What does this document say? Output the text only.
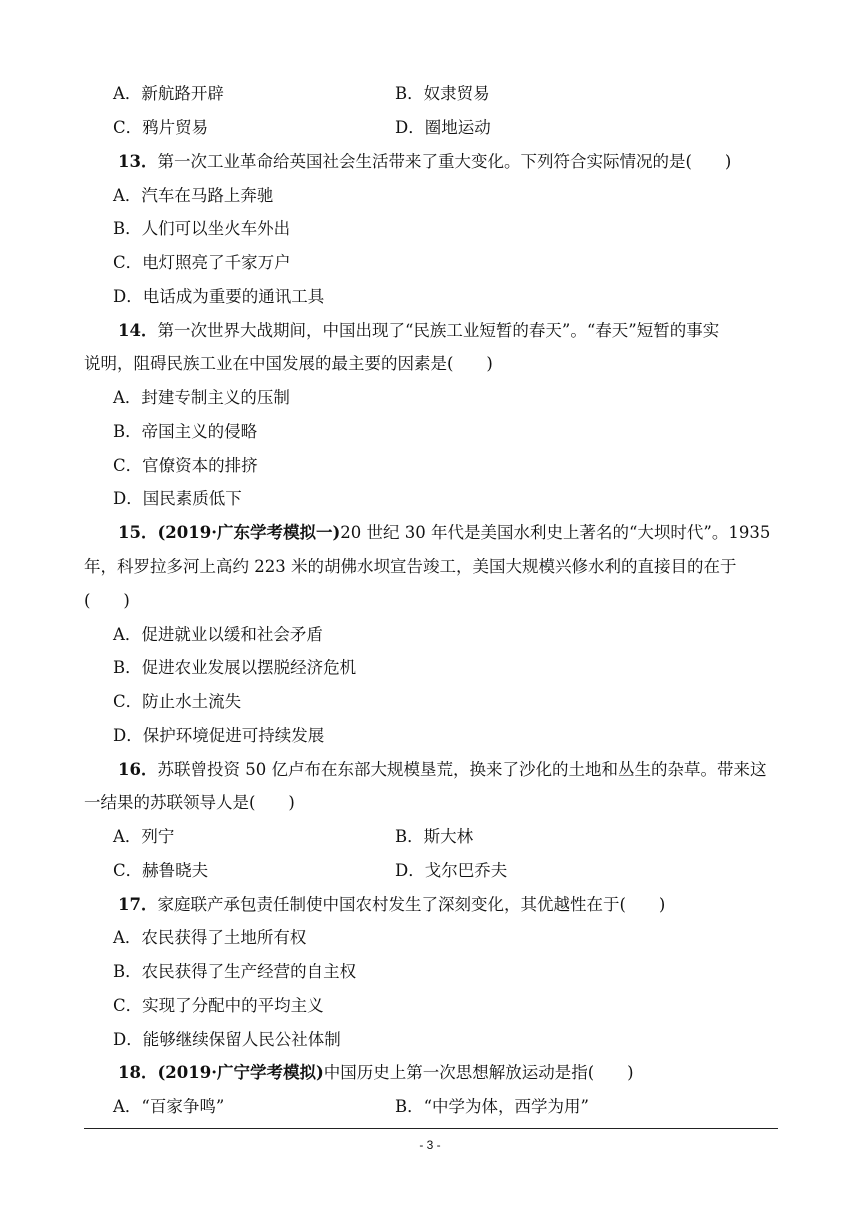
A．新航路开辟	B．奴隶贸易
C．鸦片贸易	D．圈地运动
13．第一次工业革命给英国社会生活带来了重大变化。下列符合实际情况的是(　　)
A．汽车在马路上奔驰
B．人们可以坐火车外出
C．电灯照亮了千家万户
D．电话成为重要的通讯工具
14．第一次世界大战期间，中国出现了“民族工业短暂的春天”。“春天”短暂的事实
说明，阻碍民族工业在中国发展的最主要的因素是(　　)
A．封建专制主义的压制
B．帝国主义的侵略
C．官僚资本的排挤
D．国民素质低下
15．(2019·广东学考模拟一)20 世纪 30 年代是美国水利史上著名的“大坝时代”。1935
年，科罗拉多河上高约 223 米的胡佛水坝宣告竣工，美国大规模兴修水利的直接目的在于
(　　)
A．促进就业以缓和社会矛盾
B．促进农业发展以摆脱经济危机
C．防止水土流失
D．保护环境促进可持续发展
16．苏联曾投资 50 亿卢布在东部大规模垦荒，换来了沙化的土地和丛生的杂草。带来这
一结果的苏联领导人是(　　)
A．列宁	B．斯大林
C．赫鲁晓夫	D．戈尔巴乔夫
17．家庭联产承包责任制使中国农村发生了深刻变化，其优越性在于(　　)
A．农民获得了土地所有权
B．农民获得了生产经营的自主权
C．实现了分配中的平均主义
D．能够继续保留人民公社体制
18．(2019·广宁学考模拟)中国历史上第一次思想解放运动是指(　　)
A．“百家争鸣”	B．“中学为体，西学为用”
- 3 -
